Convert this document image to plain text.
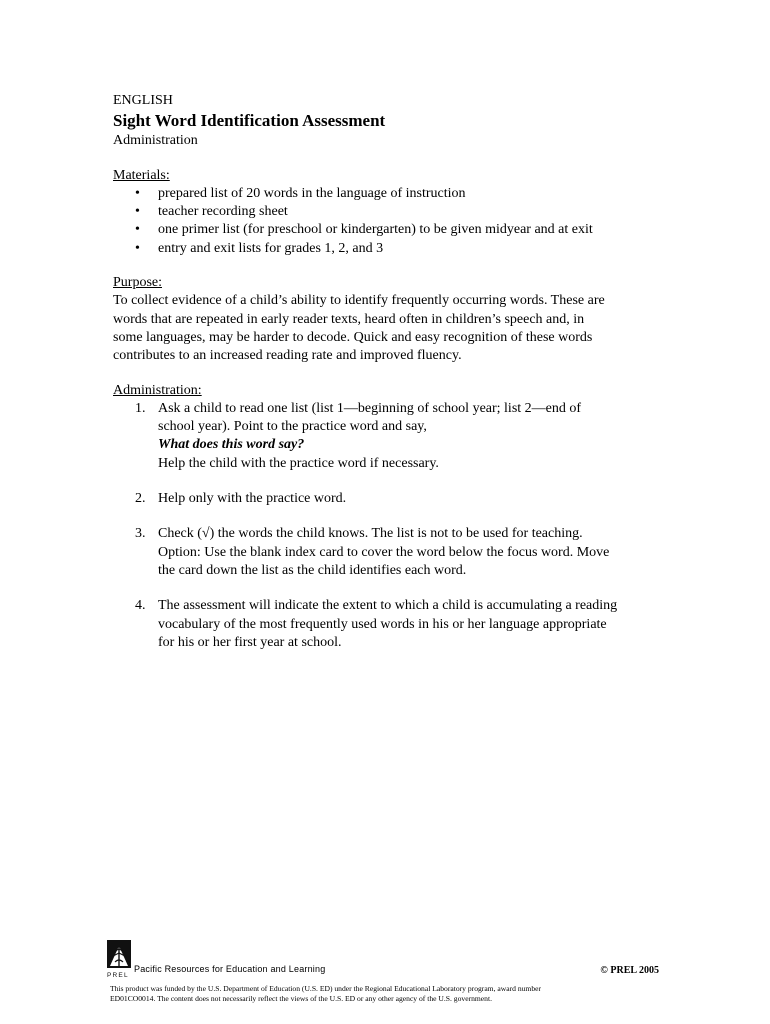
ENGLISH
Sight Word Identification Assessment
Administration
Materials:
• prepared list of 20 words in the language of instruction
• teacher recording sheet
• one primer list (for preschool or kindergarten) to be given midyear and at exit
• entry and exit lists for grades 1, 2, and 3
Purpose:

To collect evidence of a child’s ability to identify frequently occurring words. These are
words that are repeated in early reader texts, heard often in children’s speech and, in
some languages, may be harder to decode. Quick and easy recognition of these words
contributes to an increased reading rate and improved fluency.

Administration:
1. Ask a child to read one list (list 1—beginning of school year; list 2—end of
school year). Point to the practice word and say,
What does this word say?
Help the child with the practice word if necessary.
2. Help only with the practice word.
3. Check (√) the words the child knows. The list is not to be used for teaching.
Option: Use the blank index card to cover the word below the focus word. Move
the card down the list as the child identifies each word.
4. The assessment will indicate the extent to which a child is accumulating a reading
vocabulary of the most frequently used words in his or her language appropriate
for his or her first year at school.
PREL
Pacific Resources for Education and Learning	© PREL 2005
This product was funded by the U.S. Department of Education (U.S. ED) under the Regional Educational Laboratory program, award number
ED01CO0014. The content does not necessarily reflect the views of the U.S. ED or any other agency of the U.S. government.
